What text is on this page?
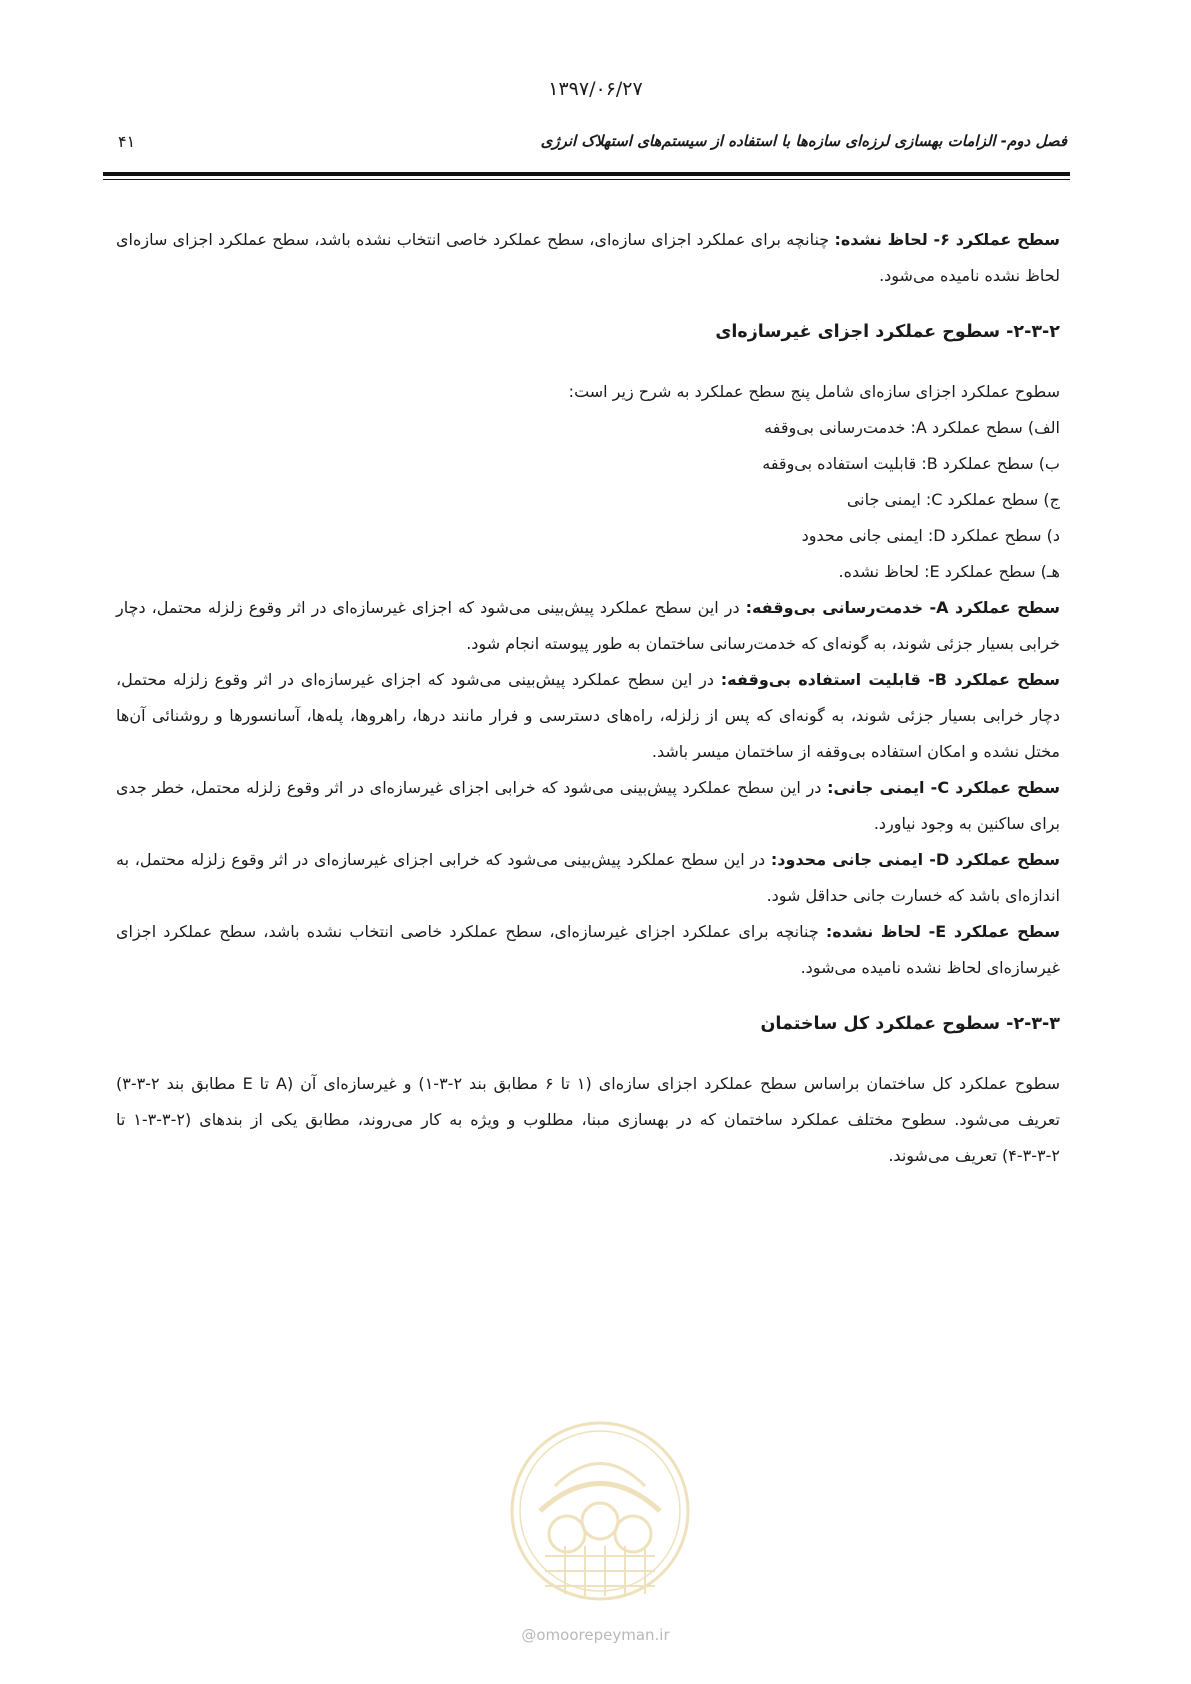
۱۳۹۷/۰۶/۲۷
فصل دوم- الزامات بهسازی لرزه‌ای سازه‌ها با استفاده از سیستم‌های استهلاک انرژی
۴۱

سطح عملکرد ۶- لحاظ نشده: چنانچه برای عملکرد اجزای سازه‌ای، سطح عملکرد خاصی انتخاب نشده باشد، سطح عملکرد اجزای سازه‌ای لحاظ نشده نامیده می‌شود.

۲-۳-۲- سطوح عملکرد اجزای غیرسازه‌ای

سطوح عملکرد اجزای سازه‌ای شامل پنج سطح عملکرد به شرح زیر است:

الف) سطح عملکرد A: خدمت‌رسانی بی‌وقفه

ب) سطح عملکرد B: قابلیت استفاده بی‌وقفه

ج) سطح عملکرد C: ایمنی جانی

د) سطح عملکرد D: ایمنی جانی محدود

هـ) سطح عملکرد E: لحاظ نشده.

سطح عملکرد A- خدمت‌رسانی بی‌وقفه: در این سطح عملکرد پیش‌بینی می‌شود که اجزای غیرسازه‌ای در اثر وقوع زلزله محتمل، دچار خرابی بسیار جزئی شوند، به گونه‌ای که خدمت‌رسانی ساختمان به طور پیوسته انجام شود.

سطح عملکرد B- قابلیت استفاده بی‌وقفه: در این سطح عملکرد پیش‌بینی می‌شود که اجزای غیرسازه‌ای در اثر وقوع زلزله محتمل، دچار خرابی بسیار جزئی شوند، به گونه‌ای که پس از زلزله، راه‌های دسترسی و فرار مانند درها، راهروها، پله‌ها، آسانسورها و روشنائی آن‌ها مختل نشده و امکان استفاده بی‌وقفه از ساختمان میسر باشد.

سطح عملکرد C- ایمنی جانی: در این سطح عملکرد پیش‌بینی می‌شود که خرابی اجزای غیرسازه‌ای در اثر وقوع زلزله محتمل، خطر جدی برای ساکنین به وجود نیاورد.

سطح عملکرد D- ایمنی جانی محدود: در این سطح عملکرد پیش‌بینی می‌شود که خرابی اجزای غیرسازه‌ای در اثر وقوع زلزله محتمل، به اندازه‌ای باشد که خسارت جانی حداقل شود.

سطح عملکرد E- لحاظ نشده: چنانچه برای عملکرد اجزای غیرسازه‌ای، سطح عملکرد خاصی انتخاب نشده باشد، سطح عملکرد اجزای غیرسازه‌ای لحاظ نشده نامیده می‌شود.

۲-۳-۳- سطوح عملکرد کل ساختمان

سطوح عملکرد کل ساختمان براساس سطح عملکرد اجزای سازه‌ای (۱ تا ۶ مطابق بند ۲-۳-۱) و غیرسازه‌ای آن (A تا E مطابق بند ۲-۳-۳) تعریف می‌شود. سطوح مختلف عملکرد ساختمان که در بهسازی مبنا، مطلوب و ویژه به کار می‌روند، مطابق یکی از بندهای (۲-۳-۳-۱ تا ۲-۳-۳-۴) تعریف می‌شوند.

@omoorepeyman.ir
